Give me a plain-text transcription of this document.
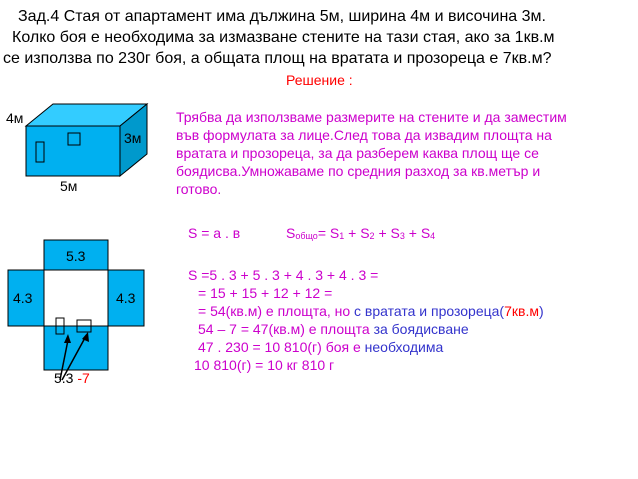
Зад.4 Стая от апартамент има дължина 5м, ширина 4м и височина 3м.
Колко боя е необходима за измазване стените на тази стая, ако за 1кв.м
се използва по 230г боя, а общата площ на вратата и прозореца е 7кв.м?
Решение :
4м
3м
5м
5.3
4.3	4.3
5.3 -7
Трябва да използваме размерите на стените и да заместим
във формулата за лице.След това да извадим площта на
вратата и прозореца, за да разберем каква площ ще се
боядисва.Умножаваме по средния разход за кв.метър и
готово.
S = a . в	$S_{общо}= S_1 + S_2 + S_3 + S_4$
S =5 . 3 + 5 . 3 + 4 . 3 + 4 . 3 =
= 15 + 15 + 12 + 12 =
= 54(кв.м) е площта, но с вратата и прозореца(7кв.м)
54 – 7 = 47(кв.м) е площта за боядисване
47 . 230 = 10 810(г) боя е необходима
10 810(г) = 10 кг 810 г
